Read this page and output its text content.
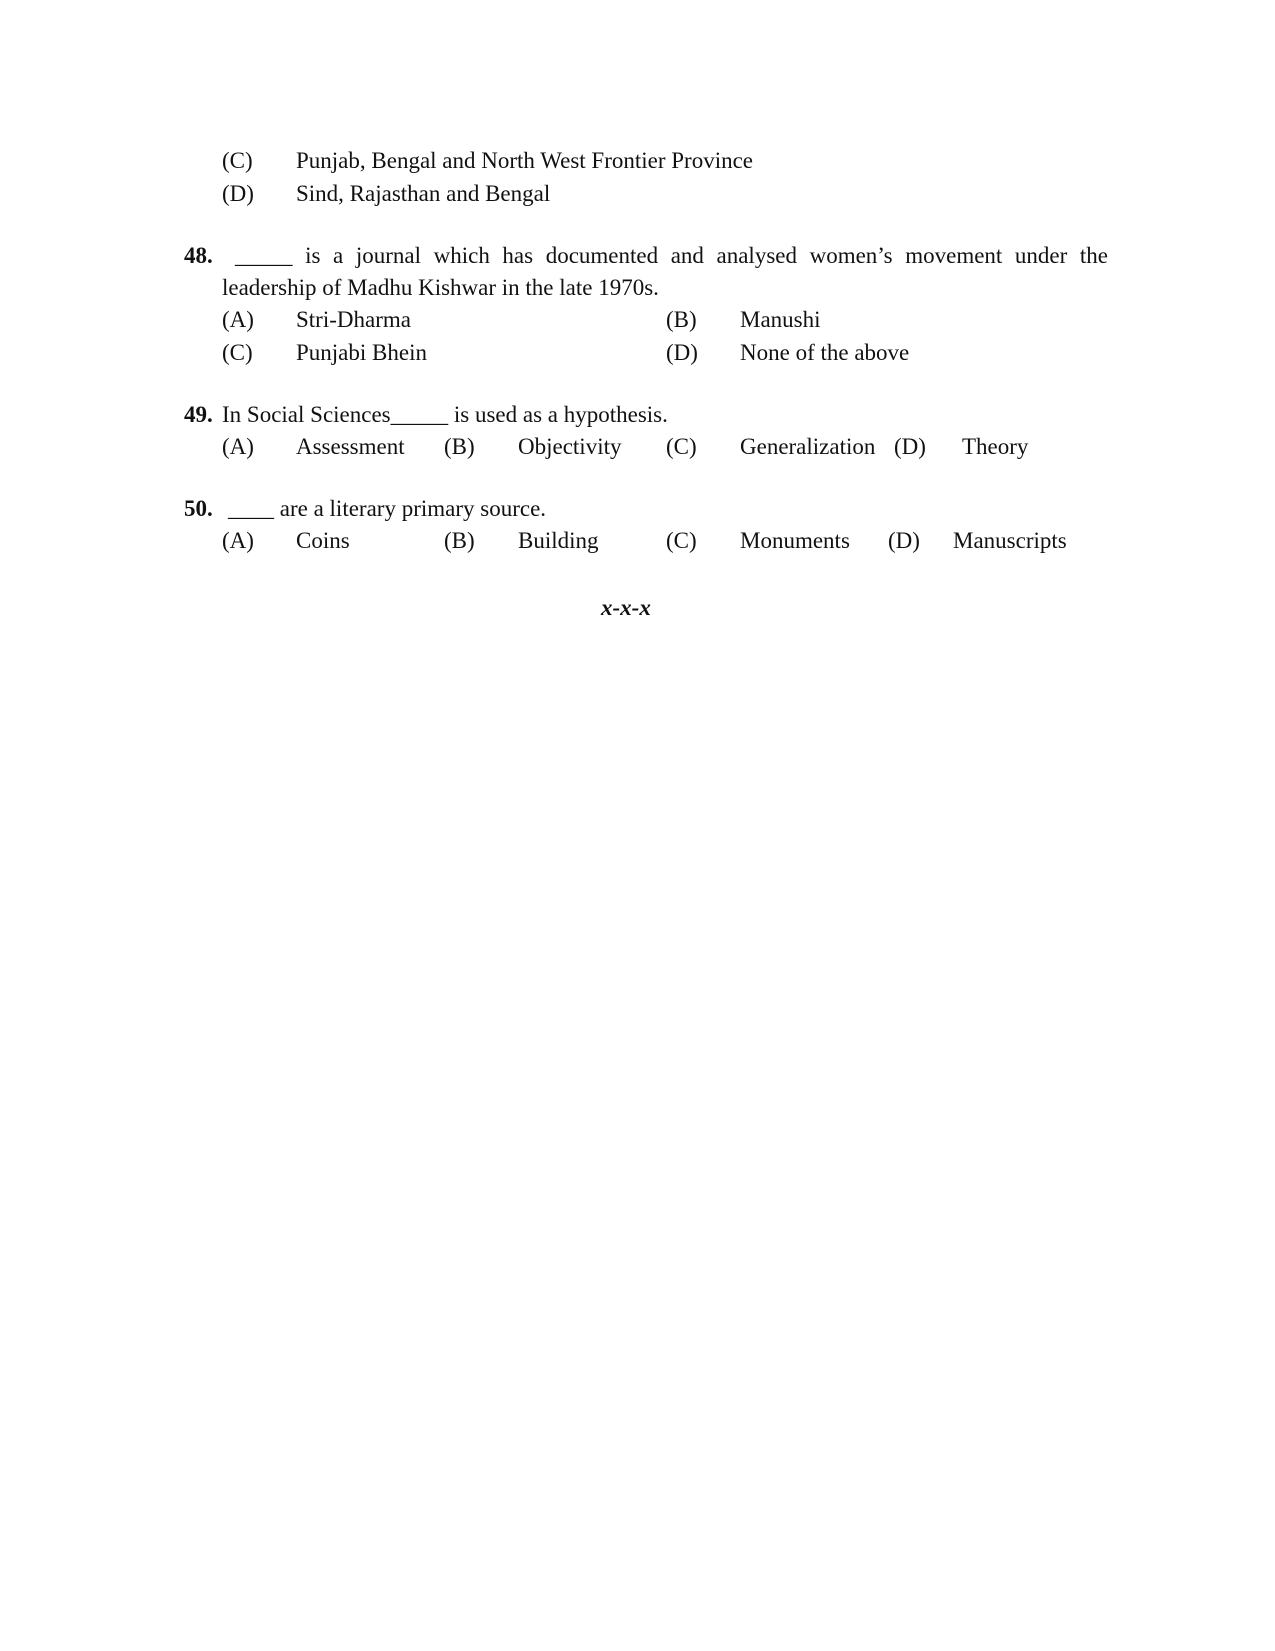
(C) Punjab, Bengal and North West Frontier Province
(D) Sind, Rajasthan and Bengal
48. _____ is a journal which has documented and analysed women’s movement under the
leadership of Madhu Kishwar in the late 1970s.
(A) Stri-Dharma	(B) Manushi
(C) Punjabi Bhein	(D) None of the above
49. In Social Sciences_____ is used as a hypothesis.
(A) Assessment (B) Objectivity (C) Generalization (D) Theory
50. ____ are a literary primary source.
(A) Coins	(B) Building	(C) Monuments (D) Manuscripts
x-x-x
